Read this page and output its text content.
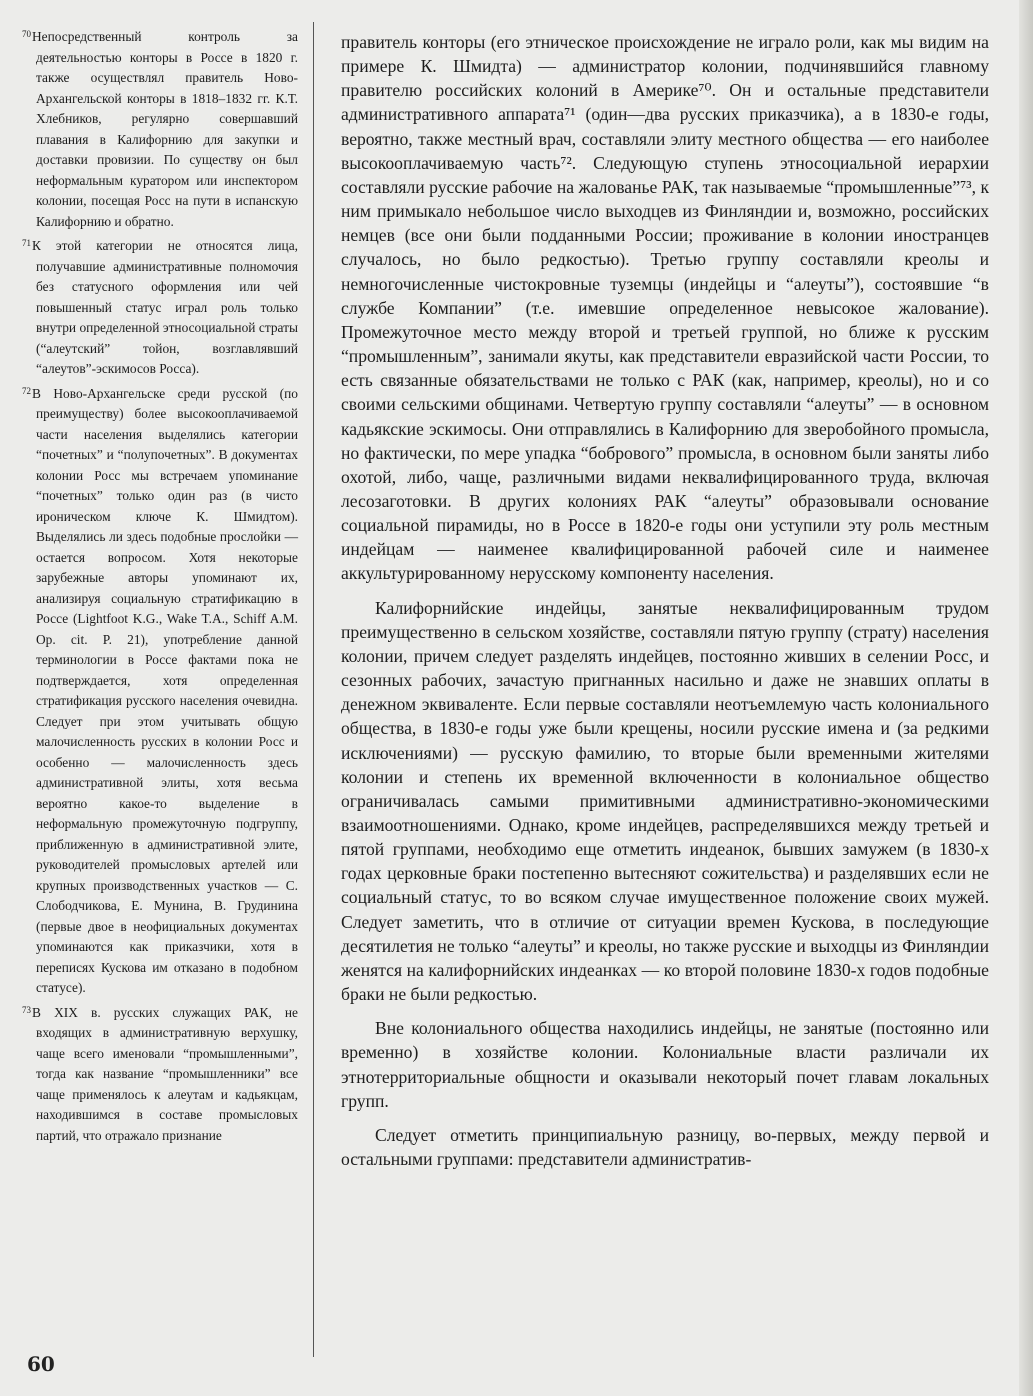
$^{70}$Непосредственный контроль за деятельностью конторы в Россе в 1820 г. также осуществлял правитель Ново-Архангельской конторы в 1818–1832 гг. К.Т. Хлебников, регулярно совершавший плавания в Калифорнию для закупки и доставки провизии. По существу он был неформальным куратором или инспектором колонии, посещая Росс на пути в испанскую Калифорнию и обратно.

$^{71}$К этой категории не относятся лица, получавшие административные полномочия без статусного оформления или чей повышенный статус играл роль только внутри определенной этносоциальной страты (“алеутский” тойон, возглавлявший “алеутов”-эскимосов Росса).

$^{72}$В Ново-Архангельске среди русской (по преимуществу) более высокооплачиваемой части населения выделялись категории “почетных” и “полупочетных”. В документах колонии Росс мы встречаем упоминание “почетных” только один раз (в чисто ироническом ключе К. Шмидтом). Выделялись ли здесь подобные прослойки — остается вопросом. Хотя некоторые зарубежные авторы упоминают их, анализируя социальную стратификацию в Россе (Lightfoot K.G., Wake T.A., Schiff A.M. Op. cit. P. 21), употребление данной терминологии в Россе фактами пока не подтверждается, хотя определенная стратификация русского населения очевидна. Следует при этом учитывать общую малочисленность русских в колонии Росс и особенно — малочисленность здесь административной элиты, хотя весьма вероятно какое-то выделение в неформальную промежуточную подгруппу, приближенную в административной элите, руководителей промысловых артелей или крупных производственных участков — С. Слободчикова, Е. Мунина, В. Грудинина (первые двое в неофициальных документах упоминаются как приказчики, хотя в переписях Кускова им отказано в подобном статусе).

$^{73}$В XIX в. русских служащих РАК, не входящих в административную верхушку, чаще всего именовали “промышленными”, тогда как название “промышленники” все чаще применялось к алеутам и кадьякцам, находившимся в составе промысловых партий, что отражало признание

правитель конторы (его этническое происхождение не играло роли, как мы видим на примере К. Шмидта) — администратор колонии, подчинявшийся главному правителю российских колоний в Америке⁷⁰. Он и остальные представители административного аппарата⁷¹ (один—два русских приказчика), а в 1830-е годы, вероятно, также местный врач, составляли элиту местного общества — его наиболее высокооплачиваемую часть⁷². Следующую ступень этносоциальной иерархии составляли русские рабочие на жалованье РАК, так называемые “промышленные”⁷³, к ним примыкало небольшое число выходцев из Финляндии и, возможно, российских немцев (все они были подданными России; проживание в колонии иностранцев случалось, но было редкостью). Третью группу составляли креолы и немногочисленные чистокровные туземцы (индейцы и “алеуты”), состоявшие “в службе Компании” (т.е. имевшие определенное невысокое жалование). Промежуточное место между второй и третьей группой, но ближе к русским “промышленным”, занимали якуты, как представители евразийской части России, то есть связанные обязательствами не только с РАК (как, например, креолы), но и со своими сельскими общинами. Четвертую группу составляли “алеуты” — в основном кадьякские эскимосы. Они отправлялись в Калифорнию для зверобойного промысла, но фактически, по мере упадка “бобрового” промысла, в основном были заняты либо охотой, либо, чаще, различными видами неквалифицированного труда, включая лесозаготовки. В других колониях РАК “алеуты” образовывали основание социальной пирамиды, но в Россе в 1820-е годы они уступили эту роль местным индейцам — наименее квалифицированной рабочей силе и наименее аккультурированному нерусскому компоненту населения.

Калифорнийские индейцы, занятые неквалифицированным трудом преимущественно в сельском хозяйстве, составляли пятую группу (страту) населения колонии, причем следует разделять индейцев, постоянно живших в селении Росс, и сезонных рабочих, зачастую пригнанных насильно и даже не знавших оплаты в денежном эквиваленте. Если первые составляли неотъемлемую часть колониального общества, в 1830-е годы уже были крещены, носили русские имена и (за редкими исключениями) — русскую фамилию, то вторые были временными жителями колонии и степень их временной включенности в колониальное общество ограничивалась самыми примитивными административно-экономическими взаимоотношениями. Однако, кроме индейцев, распределявшихся между третьей и пятой группами, необходимо еще отметить индеанок, бывших замужем (в 1830-х годах церковные браки постепенно вытесняют сожительства) и разделявших если не социальный статус, то во всяком случае имущественное положение своих мужей. Следует заметить, что в отличие от ситуации времен Кускова, в последующие десятилетия не только “алеуты” и креолы, но также русские и выходцы из Финляндии женятся на калифорнийских индеанках — ко второй половине 1830-х годов подобные браки не были редкостью.

Вне колониального общества находились индейцы, не занятые (постоянно или временно) в хозяйстве колонии. Колониальные власти различали их этнотерриториальные общности и оказывали некоторый почет главам локальных групп.

Следует отметить принципиальную разницу, во-первых, между первой и остальными группами: представители административ-

60
